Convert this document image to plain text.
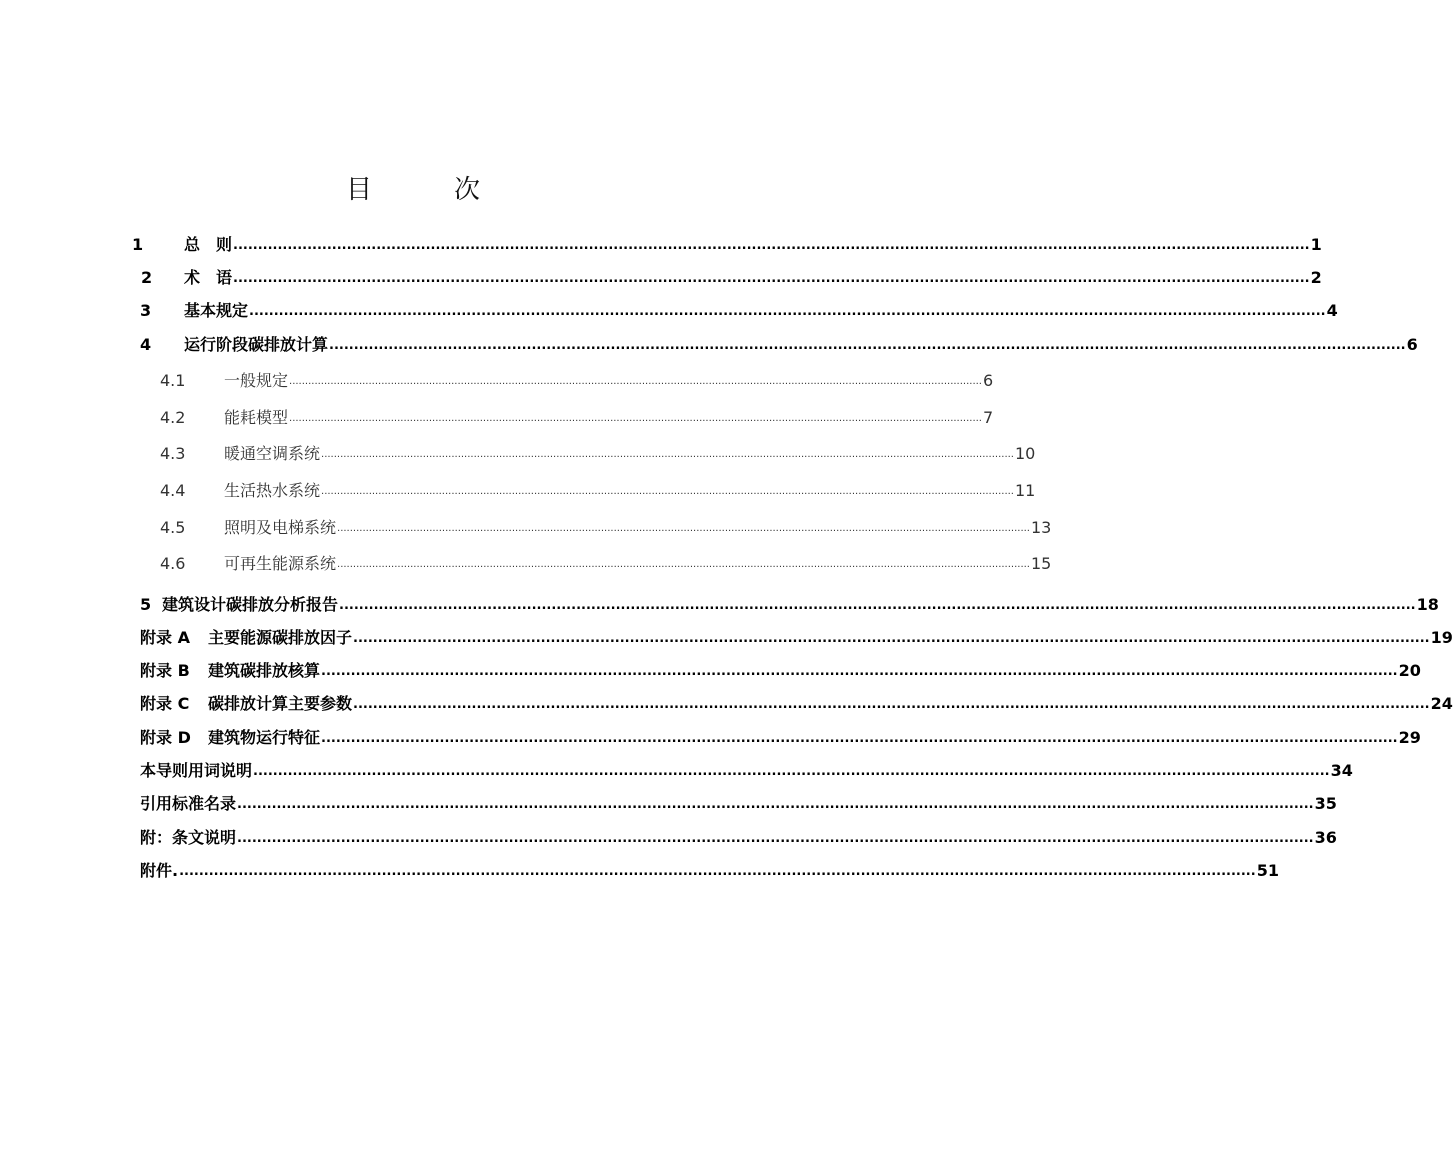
目　次
1	总　则 .......................................................................................................................................................................................................................... 1
2	术　语 .......................................................................................................................................................................................................................... 2
3	基本规定 .......................................................................................................................................................................................................................... 4
4	运行阶段碳排放计算 .......................................................................................................................................................................................................................... 6
4.1	一般规定 .......................................................................................................................................................................................................................... 6
4.2	能耗模型 .......................................................................................................................................................................................................................... 7
4.3	暖通空调系统 .......................................................................................................................................................................................................................... 10
4.4	生活热水系统 .......................................................................................................................................................................................................................... 11
4.5	照明及电梯系统 .......................................................................................................................................................................................................................... 13
4.6	可再生能源系统 .......................................................................................................................................................................................................................... 15
5 建筑设计碳排放分析报告 .......................................................................................................................................................................................................................... 18
附录 A	主要能源碳排放因子 .......................................................................................................................................................................................................................... 19
附录 B	建筑碳排放核算 .......................................................................................................................................................................................................................... 20
附录 C	碳排放计算主要参数 .......................................................................................................................................................................................................................... 24
附录 D	建筑物运行特征 .......................................................................................................................................................................................................................... 29
本导则用词说明 .......................................................................................................................................................................................................................... 34
引用标准名录 .......................................................................................................................................................................................................................... 35
附：条文说明 .......................................................................................................................................................................................................................... 36
附件. .......................................................................................................................................................................................................................... 51
